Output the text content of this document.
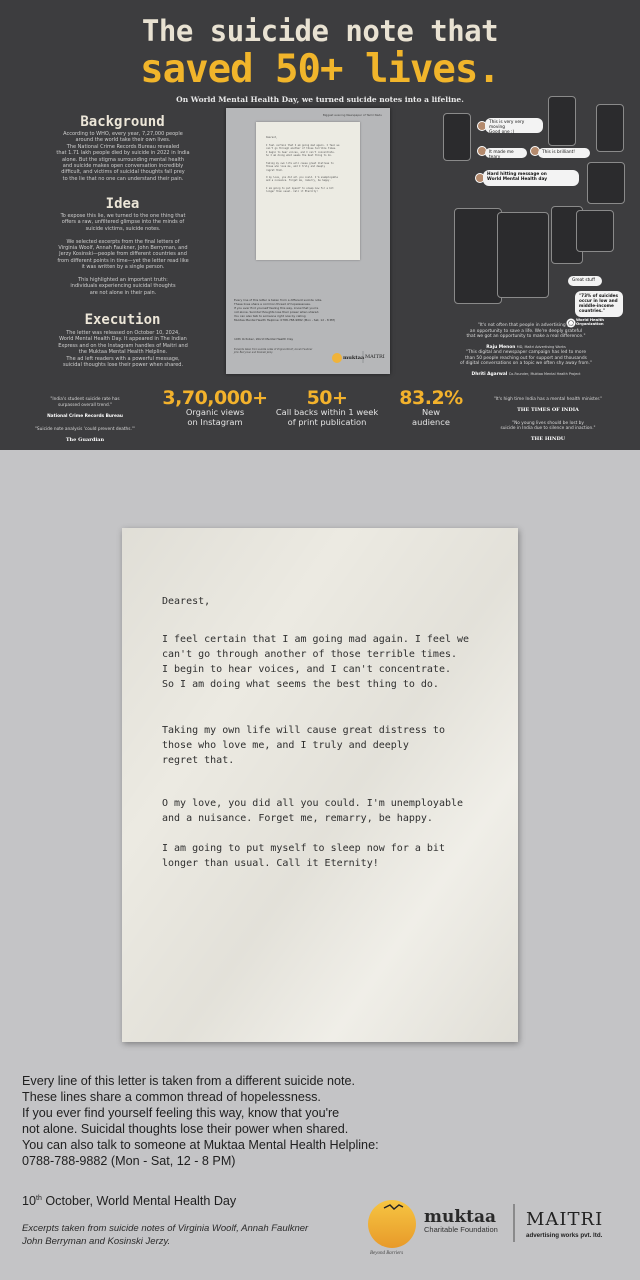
The suicide note that
saved 50+ lives.
On World Mental Health Day, we turned suicide notes into a lifeline.
Background
According to WHO, every year, 7,27,000 people
around the world take their own lives.
The National Crime Records Bureau revealed
that 1.71 lakh people died by suicide in 2022 in India
alone. But the stigma surrounding mental health
and suicide makes open conversation incredibly
difficult, and victims of suicidal thoughts fall prey
to the lie that no one can understand their pain.
Idea
To expose this lie, we turned to the one thing that
offers a raw, unfiltered glimpse into the minds of
suicide victims, suicide notes.

We selected excerpts from the final letters of
Virginia Woolf, Annah Faulkner, John Berryman, and
Jerzy Kosinski—people from different countries and
from different points in time—yet the letter read like
it was written by a single person.

This highlighted an important truth:
individuals experiencing suicidal thoughts
are not alone in their pain.
Execution
The letter was released on October 10, 2024,
World Mental Health Day. It appeared in The Indian
Express and on the Instagram handles of Maitri and
the Muktaa Mental Health Helpline.
The ad left readers with a powerful message,
suicidal thoughts lose their power when shared.
Biggest evening Newspaper of Tamil Nadu
Dearest,
I feel certain that I am going mad again. I feel we
can't go through another of those terrible times.
I begin to hear voices, and I can't concentrate.
So I am doing what seems the best thing to do.
Taking my own life will cause great distress to
those who love me, and I truly and deeply
regret that.
O my love, you did all you could. I'm unemployable
and a nuisance. Forget me, remarry, be happy.
I am going to put myself to sleep now for a bit
longer than usual. Call it Eternity!
Every line of this letter is taken from a different suicide note.
These lines share a common thread of hopelessness.
If you ever find yourself feeling this way, know that you're
not alone. Suicidal thoughts lose their power when shared.
You can also talk to someone right now by calling
Muktaa Mental Health Helpline: 0788-788-9882 (Mon - Sat, 12 - 8 PM)
10th October, World Mental Health Day
Excerpts taken from suicide notes of Virginia Woolf, Annah Faulkner
John Berryman and Kosinski Jerzy.
muktaa MAITRI
This is very very moving
Good one :)
It made me teary
This is brilliant!
Hard hitting message on
World Mental Health day
Great stuff
"73% of suicides
occur in low and
middle-income
countries."
World Health
Organization

"It's not often that people in advertising get
an opportunity to save a life. We're deeply grateful
that we got an opportunity to make a real difference."

Raju Menon MD, Maitri Advertising Works

"This digital and newspaper campaign has led to more
than 50 people reaching out for support and thousands
of digital conversations on a topic we often shy away from."

Dhriti Agarwal Co-Founder, Muktaa Mental Health Project

"India's student suicide rate has
surpassed overall trend."

National Crime Records Bureau

"Suicide note analysis 'could prevent deaths.'"

The Guardian

3,70,000+
Organic views
on Instagram
50+
Call backs within 1 week
of print publication
83.2%
New
audience

"It's high time India has a mental health minister."

THE TIMES OF INDIA

"No young lives should be lost by
suicide in India due to silence and inaction."

THE HINDU

Dearest,
I feel certain that I am going mad again. I feel we
can't go through another of those terrible times.
I begin to hear voices, and I can't concentrate.
So I am doing what seems the best thing to do.
Taking my own life will cause great distress to
those who love me, and I truly and deeply
regret that.
O my love, you did all you could. I'm unemployable
and a nuisance. Forget me, remarry, be happy.
I am going to put myself to sleep now for a bit
longer than usual. Call it Eternity!
Every line of this letter is taken from a different suicide note.
These lines share a common thread of hopelessness.
If you ever find yourself feeling this way, know that you're
not alone. Suicidal thoughts lose their power when shared.
You can also talk to someone at Muktaa Mental Health Helpline:
0788-788-9882 (Mon - Sat, 12 - 8 PM)
10th October, World Mental Health Day
Excerpts taken from suicide notes of Virginia Woolf, Annah Faulkner
John Berryman and Kosinski Jerzy.
muktaa
Charitable Foundation
Beyond Barriers
MAITRI
advertising works pvt. ltd.
